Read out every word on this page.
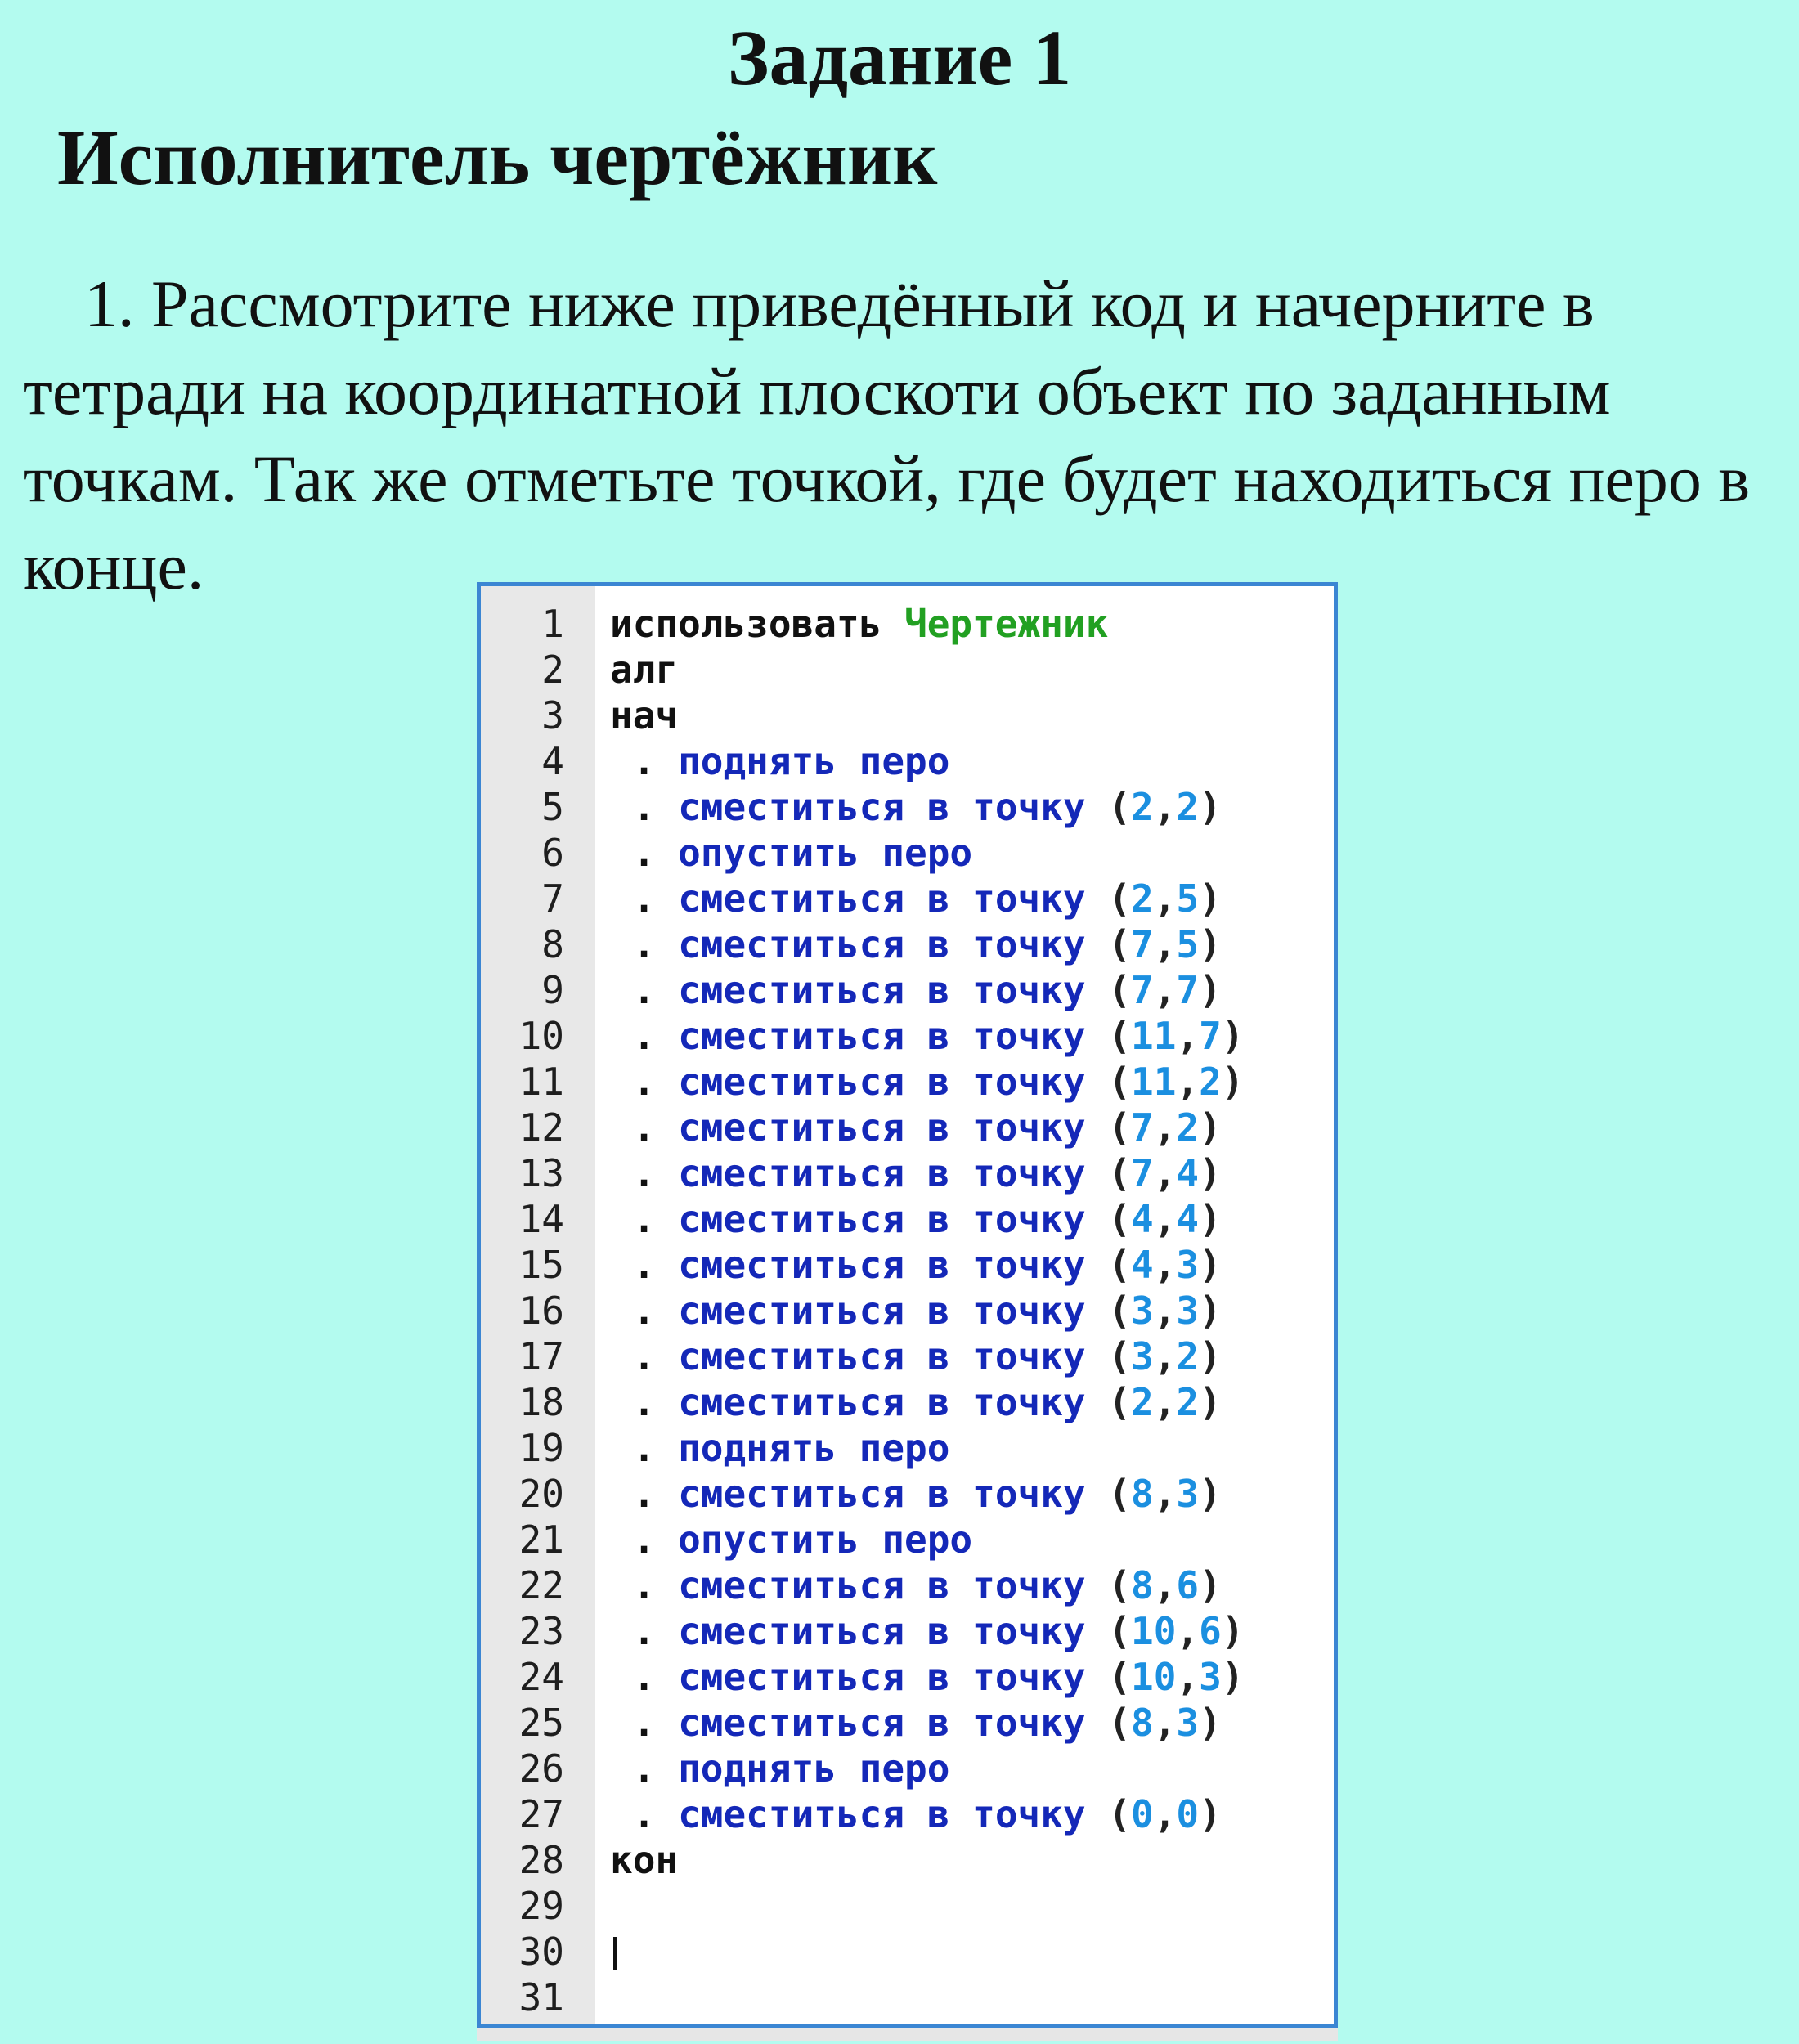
Задание 1
Исполнитель чертёжник
1. Рассмотрите ниже приведённый код и начерните в тетради на координатной плоскоти объект по заданным точкам. Так же отметьте точкой, где будет находиться перо в конце.
1 использовать Чертежник
2 алг
3 нач
4 . поднять перо
5 . сместиться в точку (2,2)
6 . опустить перо
7 . сместиться в точку (2,5)
8 . сместиться в точку (7,5)
9 . сместиться в точку (7,7)
10 . сместиться в точку (11,7)
11 . сместиться в точку (11,2)
12 . сместиться в точку (7,2)
13 . сместиться в точку (7,4)
14 . сместиться в точку (4,4)
15 . сместиться в точку (4,3)
16 . сместиться в точку (3,3)
17 . сместиться в точку (3,2)
18 . сместиться в точку (2,2)
19 . поднять перо
20 . сместиться в точку (8,3)
21 . опустить перо
22 . сместиться в точку (8,6)
23 . сместиться в точку (10,6)
24 . сместиться в точку (10,3)
25 . сместиться в точку (8,3)
26 . поднять перо
27 . сместиться в точку (0,0)
28 кон
29
30
31
